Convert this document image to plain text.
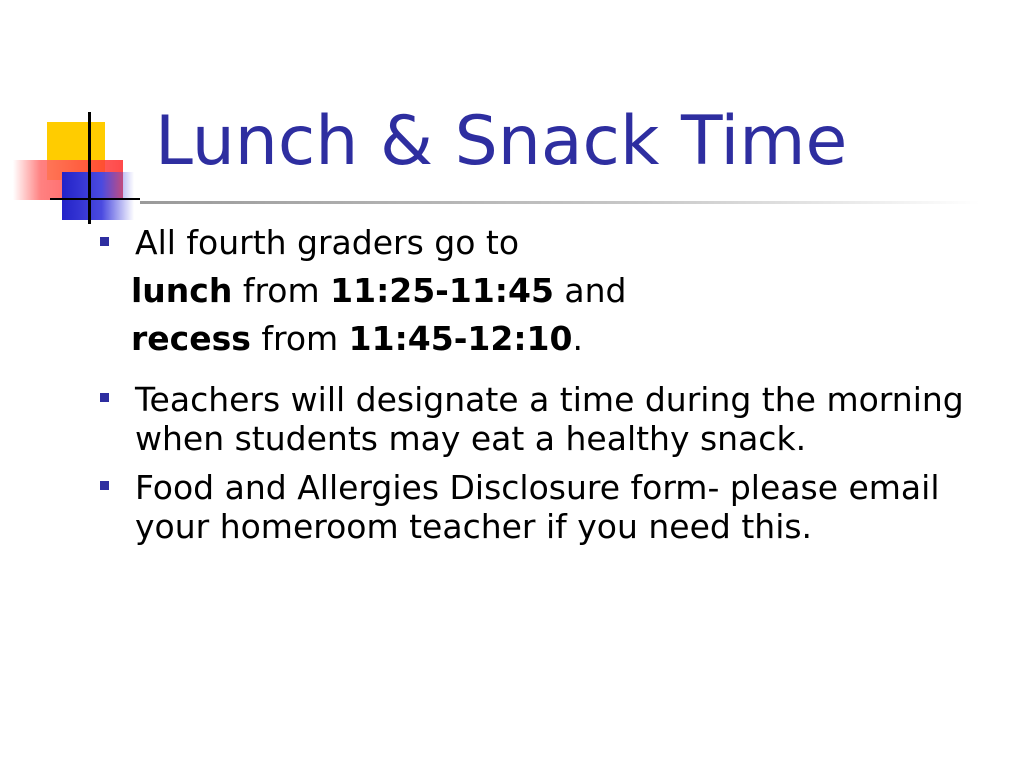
Lunch & Snack Time
All fourth graders go to
lunch from 11:25-11:45 and
recess from 11:45-12:10.
Teachers will designate a time during the morning when students may eat a healthy snack.
Food and Allergies Disclosure form- please email your homeroom teacher if you need this.
